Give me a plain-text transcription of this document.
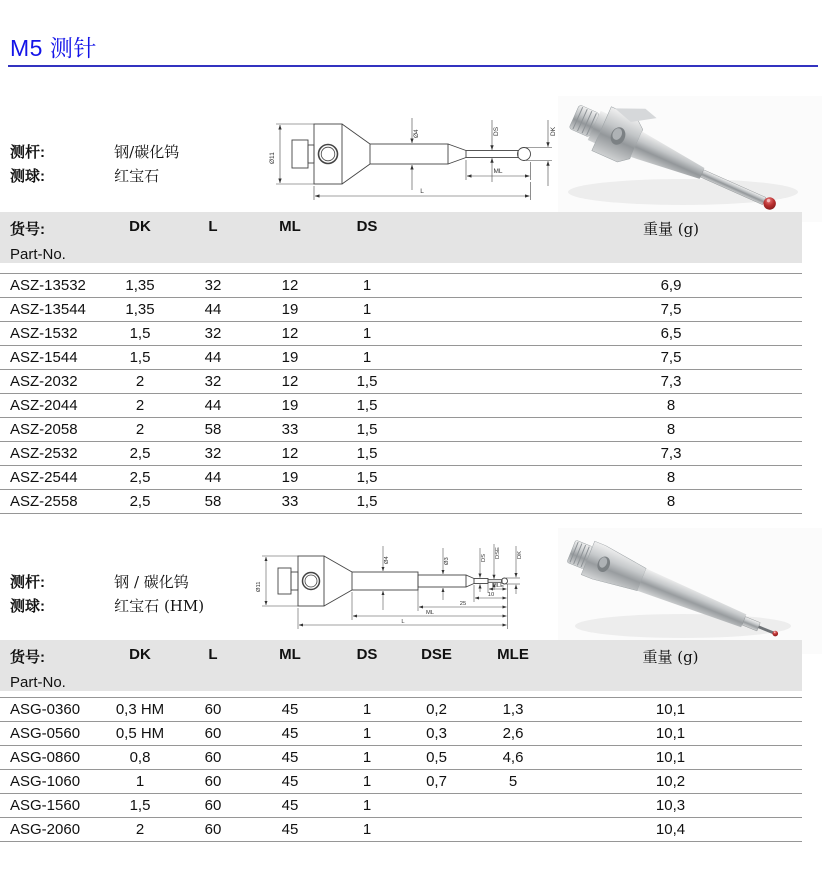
M5 测针
测杆:	钢/碳化钨
测球:	红宝石
Ø11
Ø4	DS	DK
ML
L
货号:
Part-No.	DK	L	ML	DS	重量 (g)

ASZ-13532	1,35	32	12	1	6,9
ASZ-13544	1,35	44	19	1	7,5
ASZ-1532	1,5	32	12	1	6,5
ASZ-1544	1,5	44	19	1	7,5
ASZ-2032	2	32	12	1,5	7,3
ASZ-2044	2	44	19	1,5	8
ASZ-2058	2	58	33	1,5	8
ASZ-2532	2,5	32	12	1,5	7,3
ASZ-2544	2,5	44	19	1,5	8
ASZ-2558	2,5	58	33	1,5	8
测杆:	钢 / 碳化钨
测球:	红宝石 (HM)
Ø11
Ø4	Ø3	DS DSE	DK
MLE
10
25
ML
L
货号:
Part-No.	DK	L	ML	DS	DSE	MLE	重量 (g)

ASG-0360	0,3 HM	60	45	1	0,2	1,3	10,1
ASG-0560	0,5 HM	60	45	1	0,3	2,6	10,1
ASG-0860	0,8	60	45	1	0,5	4,6	10,1
ASG-1060	1	60	45	1	0,7	5	10,2
ASG-1560	1,5	60	45	1			10,3
ASG-2060	2	60	45	1			10,4
